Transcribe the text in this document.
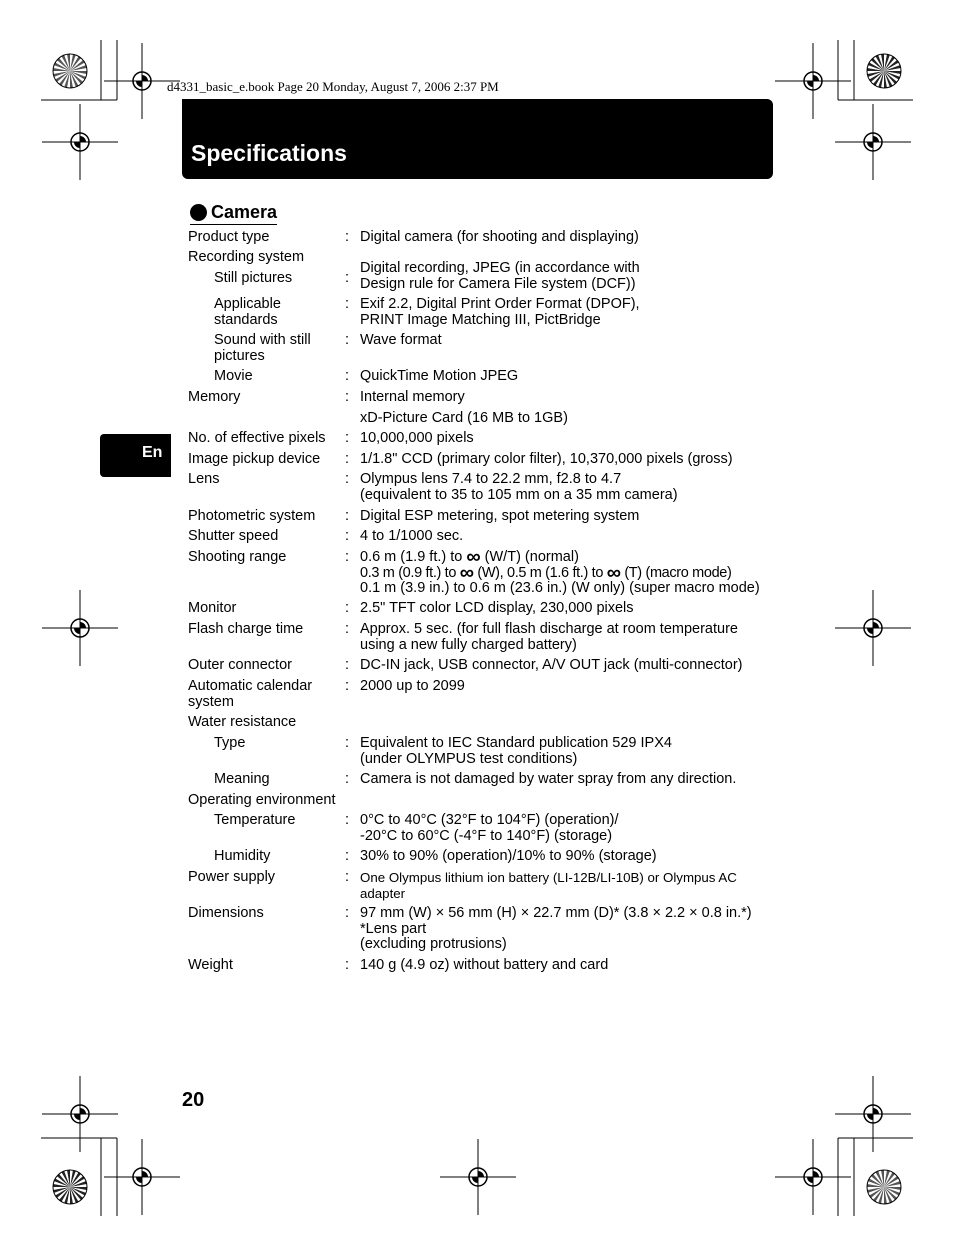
d4331_basic_e.book Page 20 Monday, August 7, 2006 2:37 PM
Specifications
Camera
En
Product type	: Digital camera (for shooting and displaying)
Recording system
Still pictures	:
Digital recording, JPEG (in accordance with
Design rule for Camera File system (DCF))
Applicable
standards
: Exif 2.2, Digital Print Order Format (DPOF),
PRINT Image Matching III, PictBridge
Sound with still
pictures
: Wave format
Movie	: QuickTime Motion JPEG
Memory	: Internal memory
xD-Picture Card (16 MB to 1GB)
No. of effective pixels	: 10,000,000 pixels
Image pickup device	: 1/1.8" CCD (primary color filter), 10,370,000 pixels (gross)
Lens	: Olympus lens 7.4 to 22.2 mm, f2.8 to 4.7
(equivalent to 35 to 105 mm on a 35 mm camera)
Photometric system	: Digital ESP metering, spot metering system
Shutter speed	: 4 to 1/1000 sec.
Shooting range	: 0.6 m (1.9 ft.) to ∞ (W/T) (normal)
0.3 m (0.9 ft.) to ∞ (W), 0.5 m (1.6 ft.) to ∞ (T) (macro mode)
0.1 m (3.9 in.) to 0.6 m (23.6 in.) (W only) (super macro mode)
Monitor	: 2.5" TFT color LCD display, 230,000 pixels
Flash charge time	: Approx. 5 sec. (for full flash discharge at room temperature
using a new fully charged battery)
Outer connector	: DC-IN jack, USB connector, A/V OUT jack (multi-connector)
Automatic calendar
system
: 2000 up to 2099
Water resistance
Type	: Equivalent to IEC Standard publication 529 IPX4
(under OLYMPUS test conditions)
Meaning	: Camera is not damaged by water spray from any direction.
Operating environment
Temperature	: 0°C to 40°C (32°F to 104°F) (operation)/
-20°C to 60°C (-4°F to 140°F) (storage)
Humidity	: 30% to 90% (operation)/10% to 90% (storage)
Power supply	: One Olympus lithium ion battery (LI-12B/LI-10B) or Olympus AC
adapter
Dimensions	: 97 mm (W) × 56 mm (H) × 22.7 mm (D)* (3.8 × 2.2 × 0.8 in.*)
*Lens part
(excluding protrusions)
Weight	: 140 g (4.9 oz) without battery and card
20
